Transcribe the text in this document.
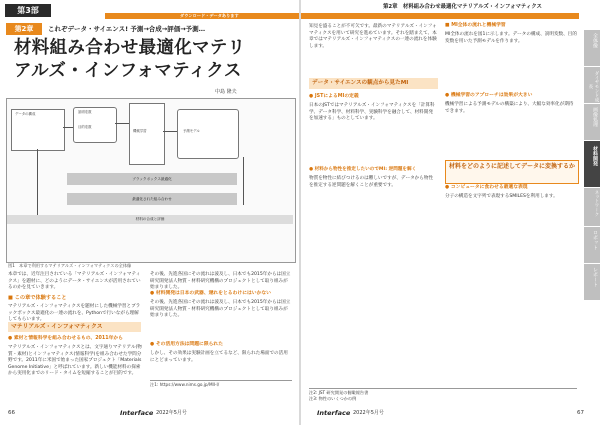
第3部	ダウンロード・データあります
第2章	これぞデータ・サイエンス! 予測→合成→評価→予測…
材料組み合わせ最適化マテリ
アルズ・インフォマティクス
中島 隆夫
データの構成	説明変数
目的変数
機械学習	予測モデル
ブラックボックス最適化
最適化された組み合わせ
材料の合成と評価
図1　本章で利用するマテリアルズ・インフォマティクスの全体像
本章では、近年注目されている「マテリアルズ・インフォマティクス」を題材に、どのようにデータ・サイエンスが活用されているのかを見ていきます。
■ この章で体験すること
マテリアルズ・インフォマティクスを題材にした機械学習とブラックボックス最適化の一連の流れを、Pythonで行いながら理解してもらいます。
マテリアルズ・インフォマティクス
● 素材と情報科学を組み合わせるもの、2011年から
マテリアルズ・インフォマティクスとは、文字通りマテリアル(物質・素材)とインフォマティクス(情報科学)を組み合わせた学問分野です。2011年に米国で始まった国家プロジェクト「Materials Genome Initiative」と呼ばれています。新しい機能材料の探索から実用化までのリード・タイムを短縮することが目的です。
その後、先進各国にその流れは波及し、日本でも2015年からは国立研究開発法人物質・材料研究機構のプロジェクトとして取り組みが始まりました。
● 材料開発は日本の武器、遅れをとるわけにはいかない
その後、先進各国にその流れは波及し、日本でも2015年からは国立研究開発法人物質・材料研究機構のプロジェクトとして取り組みが始まりました。
● その活用方法は問題に限られた
しかし、その効果は実験計画を立てるなど、限られた場面での活用にとどまっています。
注1: https://www.nims.go.jp/MII-I/
66	Interface 2022年5月号
第2章　材料組み合わせ最適化マテリアルズ・インフォマティクス
知見を盛ることが不可欠です。最新のマテリアルズ・インフォマティクスを用いて研究を進めています。それを踏まえて、本章ではマテリアルズ・インフォマティクスの一連の流れを体験します。
データ・サイエンスの観点から見たMI
● JSTによるMIの定義
日本のJSTではマテリアルズ・インフォマティクスを「計算科学、データ科学、材料科学、実験科学を融合して、材料開発を加速する」ものとしています。
● 材料から物性を推定したいのでMI: 逆問題を解く
物質を物性に結びつけるのは難しいですが、データから物性を推定する逆問題を解くことが重要です。
■ MI全体の流れと機械学習
MI全体の流れを図1に示します。データの構成、説明変数、目的変数を用いた予測モデルを作ります。
● 機械学習のアプローチは効果が大きい
機械学習による予測モデルの構築により、大幅な効率化が期待できます。
材料をどのように記述してデータに変換するか
● コンピュータに食わせる最適な表現
分子の構造を文字列で表現するSMILESを利用します。
注2: JST 研究開発の俯瞰報告書
注3: 物性のいくつかの例
Interface 2022年5月号	67
全体像
ダイヤモンド成長
画像処理
材料開発
ネットワーク
ロボット
レポート
